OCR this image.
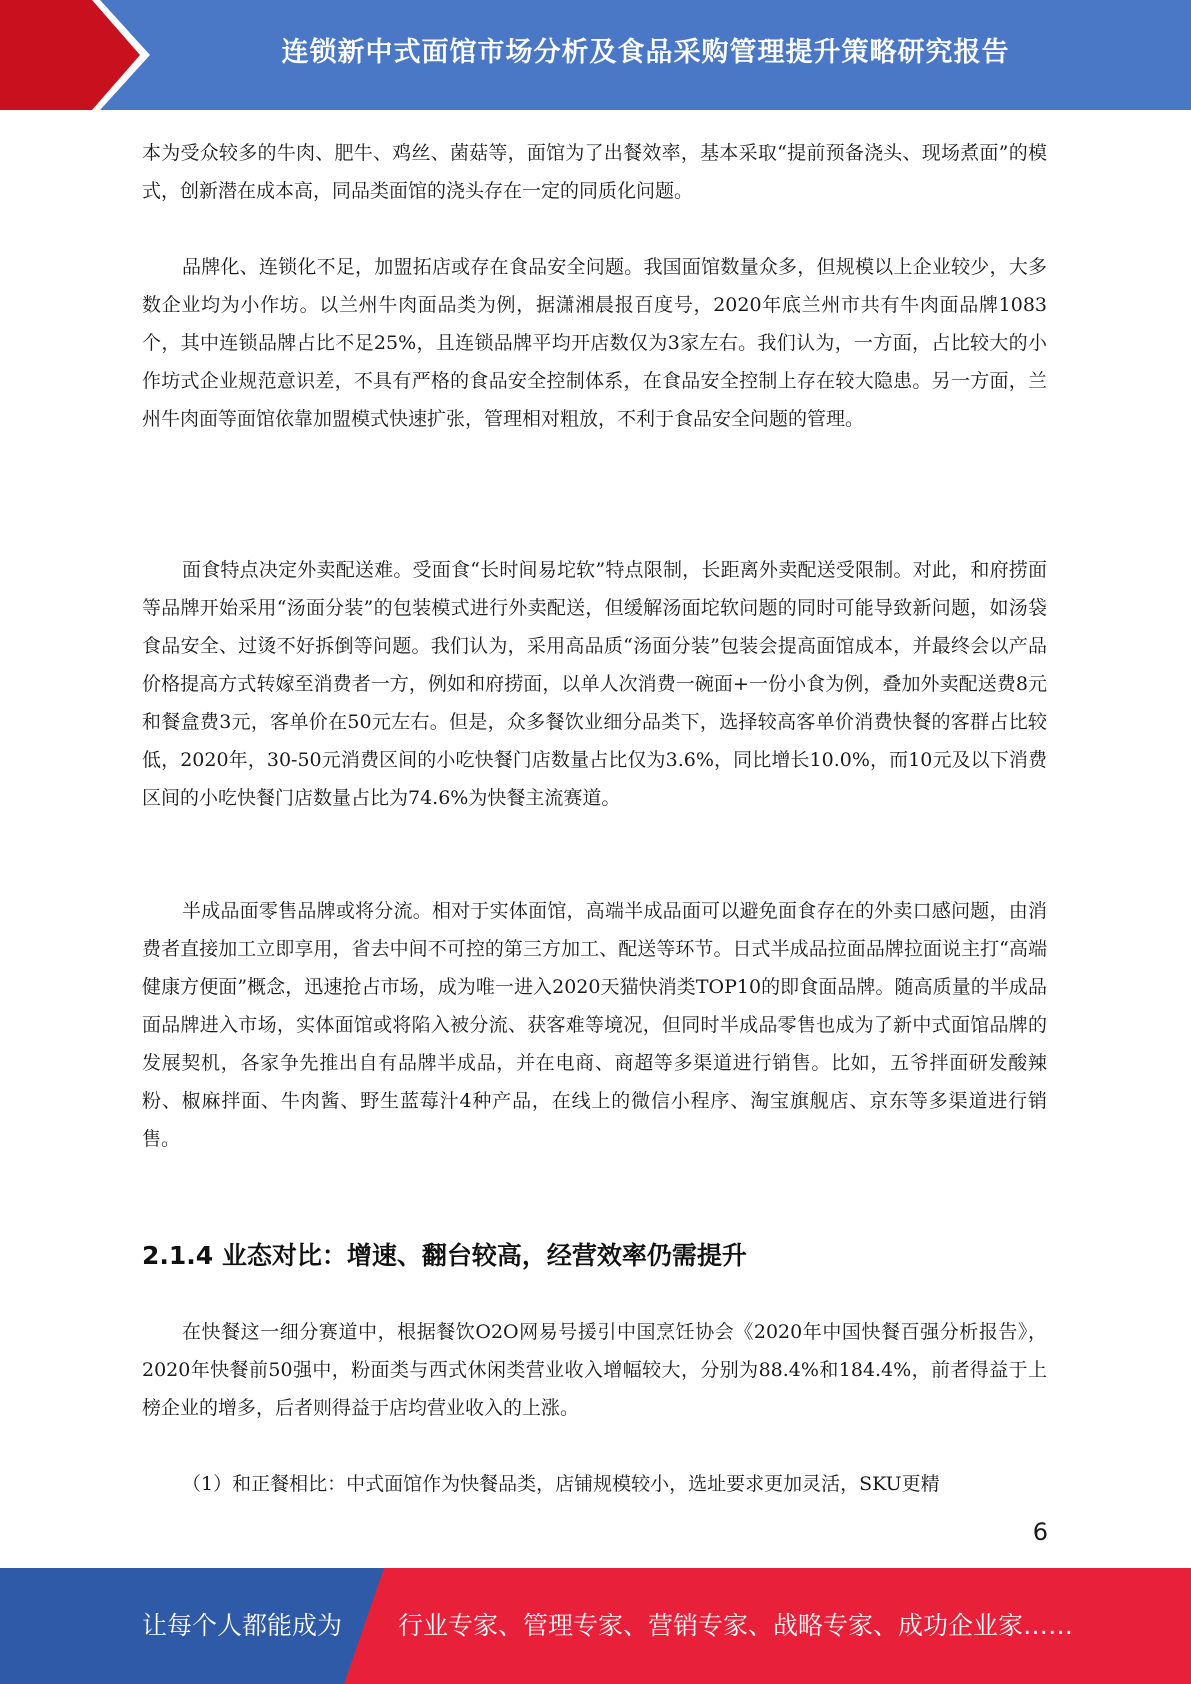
连锁新中式面馆市场分析及食品采购管理提升策略研究报告

本为受众较多的牛肉、肥牛、鸡丝、菌菇等，面馆为了出餐效率，基本采取“提前预备浇头、现场煮面”的模式，创新潜在成本高，同品类面馆的浇头存在一定的同质化问题。

品牌化、连锁化不足，加盟拓店或存在食品安全问题。我国面馆数量众多，但规模以上企业较少，大多数企业均为小作坊。以兰州牛肉面品类为例，据潇湘晨报百度号，2020年底兰州市共有牛肉面品牌1083个，其中连锁品牌占比不足25%，且连锁品牌平均开店数仅为3家左右。我们认为，一方面，占比较大的小作坊式企业规范意识差，不具有严格的食品安全控制体系，在食品安全控制上存在较大隐患。另一方面，兰州牛肉面等面馆依靠加盟模式快速扩张，管理相对粗放，不利于食品安全问题的管理。

面食特点决定外卖配送难。受面食“长时间易坨软”特点限制，长距离外卖配送受限制。对此，和府捞面等品牌开始采用“汤面分装”的包装模式进行外卖配送，但缓解汤面坨软问题的同时可能导致新问题，如汤袋食品安全、过烫不好拆倒等问题。我们认为，采用高品质“汤面分装”包装会提高面馆成本，并最终会以产品价格提高方式转嫁至消费者一方，例如和府捞面，以单人次消费一碗面+一份小食为例，叠加外卖配送费8元和餐盒费3元，客单价在50元左右。但是，众多餐饮业细分品类下，选择较高客单价消费快餐的客群占比较低，2020年，30-50元消费区间的小吃快餐门店数量占比仅为3.6%，同比增长10.0%，而10元及以下消费区间的小吃快餐门店数量占比为74.6%为快餐主流赛道。

半成品面零售品牌或将分流。相对于实体面馆，高端半成品面可以避免面食存在的外卖口感问题，由消费者直接加工立即享用，省去中间不可控的第三方加工、配送等环节。日式半成品拉面品牌拉面说主打“高端健康方便面”概念，迅速抢占市场，成为唯一进入2020天猫快消类TOP10的即食面品牌。随高质量的半成品面品牌进入市场，实体面馆或将陷入被分流、获客难等境况，但同时半成品零售也成为了新中式面馆品牌的发展契机，各家争先推出自有品牌半成品，并在电商、商超等多渠道进行销售。比如，五爷拌面研发酸辣粉、椒麻拌面、牛肉酱、野生蓝莓汁4种产品，在线上的微信小程序、淘宝旗舰店、京东等多渠道进行销售。

2.1.4 业态对比：增速、翻台较高，经营效率仍需提升

在快餐这一细分赛道中，根据餐饮O2O网易号援引中国烹饪协会《2020年中国快餐百强分析报告》，2020年快餐前50强中，粉面类与西式休闲类营业收入增幅较大，分别为88.4%和184.4%，前者得益于上榜企业的增多，后者则得益于店均营业收入的上涨。

（1）和正餐相比：中式面馆作为快餐品类，店铺规模较小，选址要求更加灵活，SKU更精

6
让每个人都能成为 行业专家、管理专家、营销专家、战略专家、成功企业家……
